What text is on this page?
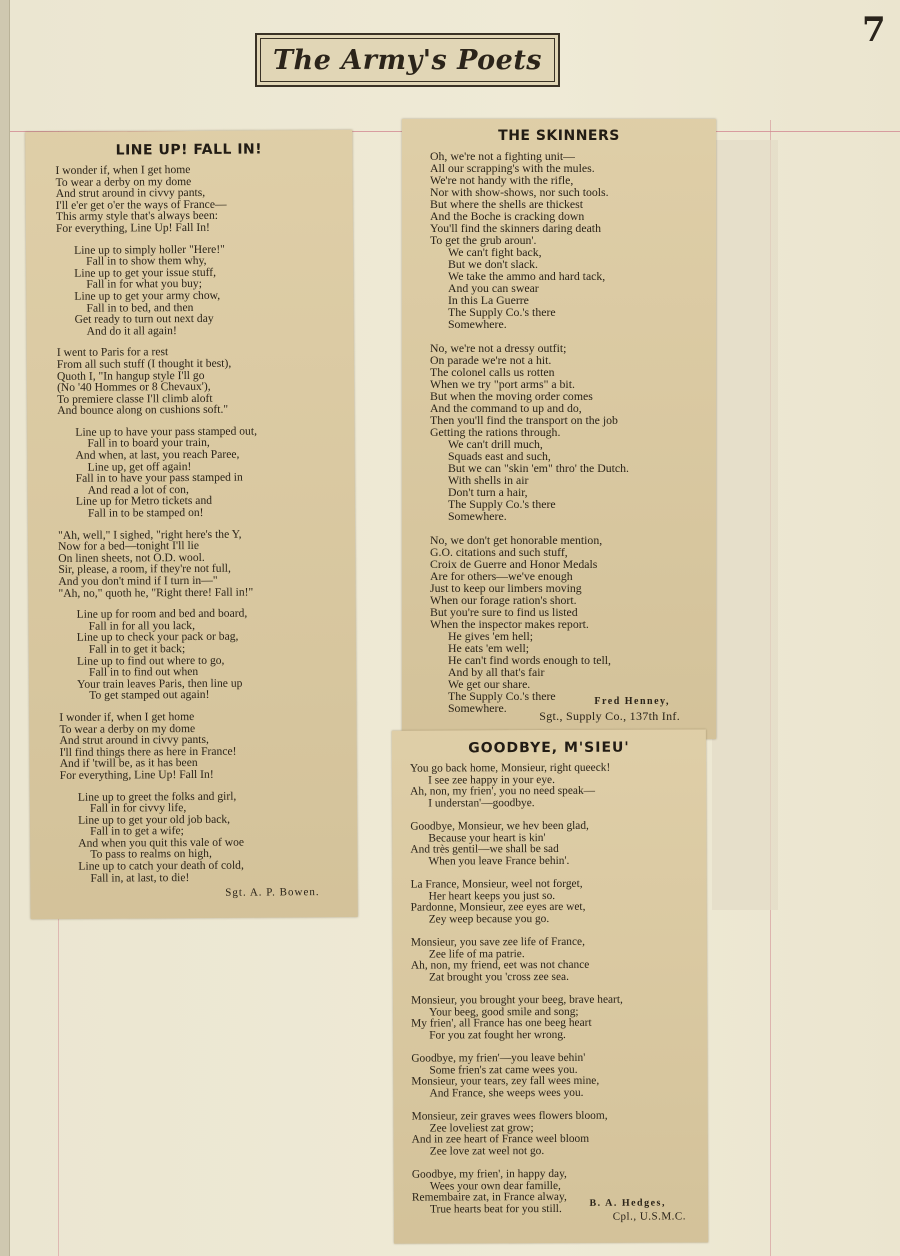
7
The Army's Poets
LINE UP! FALL IN!
I wonder if, when I get home
To wear a derby on my dome
And strut around in civvy pants,
I'll e'er get o'er the ways of France—
This army style that's always been:
For everything, Line Up! Fall In!
Line up to simply holler "Here!"
Fall in to show them why,
Line up to get your issue stuff,
Fall in for what you buy;
Line up to get your army chow,
Fall in to bed, and then
Get ready to turn out next day
And do it all again!
I went to Paris for a rest
From all such stuff (I thought it best),
Quoth I, "In hangup style I'll go
(No '40 Hommes or 8 Chevaux'),
To premiere classe I'll climb aloft
And bounce along on cushions soft."
Line up to have your pass stamped out,
Fall in to board your train,
And when, at last, you reach Paree,
Line up, get off again!
Fall in to have your pass stamped in
And read a lot of con,
Line up for Metro tickets and
Fall in to be stamped on!
"Ah, well," I sighed, "right here's the Y,
Now for a bed—tonight I'll lie
On linen sheets, not O.D. wool.
Sir, please, a room, if they're not full,
And you don't mind if I turn in—"
"Ah, no," quoth he, "Right there! Fall in!"
Line up for room and bed and board,
Fall in for all you lack,
Line up to check your pack or bag,
Fall in to get it back;
Line up to find out where to go,
Fall in to find out when
Your train leaves Paris, then line up
To get stamped out again!
I wonder if, when I get home
To wear a derby on my dome
And strut around in civvy pants,
I'll find things there as here in France!
And if 'twill be, as it has been
For everything, Line Up! Fall In!
Line up to greet the folks and girl,
Fall in for civvy life,
Line up to get your old job back,
Fall in to get a wife;
And when you quit this vale of woe
To pass to realms on high,
Line up to catch your death of cold,
Fall in, at last, to die!
Sgt. A. P. Bowen.
THE SKINNERS
Oh, we're not a fighting unit—
All our scrapping's with the mules.
We're not handy with the rifle,
Nor with show-shows, nor such tools.
But where the shells are thickest
And the Boche is cracking down
You'll find the skinners daring death
To get the grub aroun'.
We can't fight back,
But we don't slack.
We take the ammo and hard tack,
And you can swear
In this La Guerre
The Supply Co.'s there
Somewhere.
No, we're not a dressy outfit;
On parade we're not a hit.
The colonel calls us rotten
When we try "port arms" a bit.
But when the moving order comes
And the command to up and do,
Then you'll find the transport on the job
Getting the rations through.
We can't drill much,
Squads east and such,
But we can "skin 'em" thro' the Dutch.
With shells in air
Don't turn a hair,
The Supply Co.'s there
Somewhere.
No, we don't get honorable mention,
G.O. citations and such stuff,
Croix de Guerre and Honor Medals
Are for others—we've enough
Just to keep our limbers moving
When our forage ration's short.
But you're sure to find us listed
When the inspector makes report.
He gives 'em hell;
He eats 'em well;
He can't find words enough to tell,
And by all that's fair
We get our share.
The Supply Co.'s there
Somewhere.	Fred Henney,
Sgt., Supply Co., 137th Inf.
GOODBYE, M'SIEU'
You go back home, Monsieur, right queeck!
I see zee happy in your eye.
Ah, non, my frien', you no need speak—
I understan'—goodbye.
Goodbye, Monsieur, we hev been glad,
Because your heart is kin'
And très gentil—we shall be sad
When you leave France behin'.
La France, Monsieur, weel not forget,
Her heart keeps you just so.
Pardonne, Monsieur, zee eyes are wet,
Zey weep because you go.
Monsieur, you save zee life of France,
Zee life of ma patrie.
Ah, non, my friend, eet was not chance
Zat brought you 'cross zee sea.
Monsieur, you brought your beeg, brave heart,
Your beeg, good smile and song;
My frien', all France has one beeg heart
For you zat fought her wrong.
Goodbye, my frien'—you leave behin'
Some frien's zat came wees you.
Monsieur, your tears, zey fall wees mine,
And France, she weeps wees you.
Monsieur, zeir graves wees flowers bloom,
Zee loveliest zat grow;
And in zee heart of France weel bloom
Zee love zat weel not go.
Goodbye, my frien', in happy day,
Wees your own dear famille,
Remembaire zat, in France alway,
True hearts beat for you still.	B. A. Hedges,
Cpl., U.S.M.C.
